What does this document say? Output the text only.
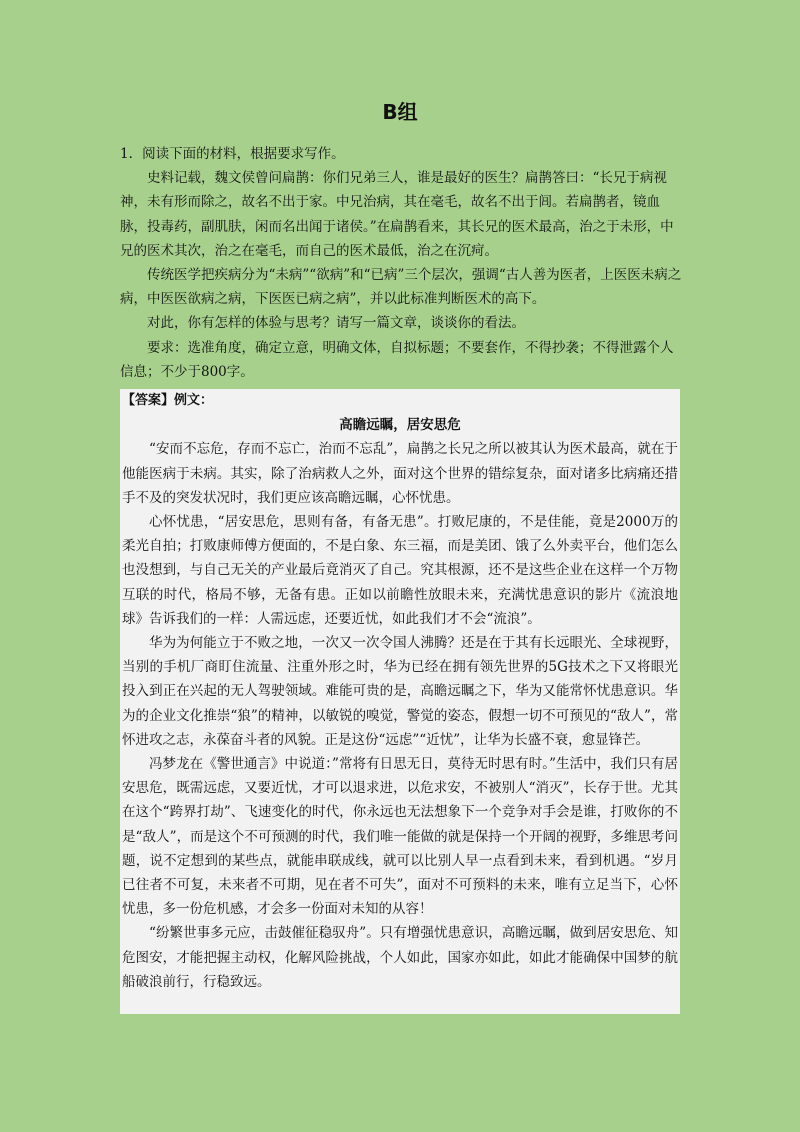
B组

1．阅读下面的材料，根据要求写作。

史料记载，魏文侯曾问扁鹊：你们兄弟三人，谁是最好的医生？扁鹊答曰：“长兄于病视神，未有形而除之，故名不出于家。中兄治病，其在毫毛，故名不出于闾。若扁鹊者，镜血脉，投毒药，副肌肤，闲而名出闻于诸侯。”在扁鹊看来，其长兄的医术最高，治之于未形，中兄的医术其次，治之在毫毛，而自己的医术最低，治之在沉疴。

传统医学把疾病分为“未病”“欲病”和“已病”三个层次，强调“古人善为医者，上医医未病之病，中医医欲病之病，下医医已病之病”，并以此标准判断医术的高下。

对此，你有怎样的体验与思考？请写一篇文章，谈谈你的看法。

要求：选准角度，确定立意，明确文体，自拟标题；不要套作，不得抄袭；不得泄露个人信息；不少于800字。

【答案】例文：

高瞻远瞩，居安思危

“安而不忘危，存而不忘亡，治而不忘乱”，扁鹊之长兄之所以被其认为医术最高，就在于他能医病于未病。其实，除了治病救人之外，面对这个世界的错综复杂，面对诸多比病痛还措手不及的突发状况时，我们更应该高瞻远瞩，心怀忧患。

心怀忧患，“居安思危，思则有备，有备无患”。打败尼康的，不是佳能，竟是2000万的柔光自拍；打败康师傅方便面的，不是白象、东三福，而是美团、饿了么外卖平台，他们怎么也没想到，与自己无关的产业最后竟消灭了自己。究其根源，还不是这些企业在这样一个万物互联的时代，格局不够，无备有患。正如以前瞻性放眼未来，充满忧患意识的影片《流浪地球》告诉我们的一样：人需远虑，还要近忧，如此我们才不会“流浪”。

华为为何能立于不败之地，一次又一次令国人沸腾？还是在于其有长远眼光、全球视野，当别的手机厂商盯住流量、注重外形之时，华为已经在拥有领先世界的5G技术之下又将眼光投入到正在兴起的无人驾驶领域。难能可贵的是，高瞻远瞩之下，华为又能常怀忧患意识。华为的企业文化推崇“狼”的精神，以敏锐的嗅觉，警觉的姿态，假想一切不可预见的“敌人”，常怀进攻之志，永葆奋斗者的风貌。正是这份“远虑”“近忧”，让华为长盛不衰，愈显锋芒。

冯梦龙在《警世通言》中说道：”常将有日思无日，莫待无时思有时。”生活中，我们只有居安思危，既需远虑，又要近忧，才可以退求进，以危求安，不被别人“消灭”，长存于世。尤其在这个“跨界打劫”、飞速变化的时代，你永远也无法想象下一个竞争对手会是谁，打败你的不是“敌人”，而是这个不可预测的时代，我们唯一能做的就是保持一个开阔的视野，多维思考问题，说不定想到的某些点，就能串联成线，就可以比别人早一点看到未来，看到机遇。“岁月已往者不可复，未来者不可期，见在者不可失”，面对不可预料的未来，唯有立足当下，心怀忧患，多一份危机感，才会多一份面对未知的从容！

“纷繁世事多元应，击鼓催征稳驭舟”。只有增强忧患意识，高瞻远瞩，做到居安思危、知危图安，才能把握主动权，化解风险挑战，个人如此，国家亦如此，如此才能确保中国梦的航船破浪前行，行稳致远。
